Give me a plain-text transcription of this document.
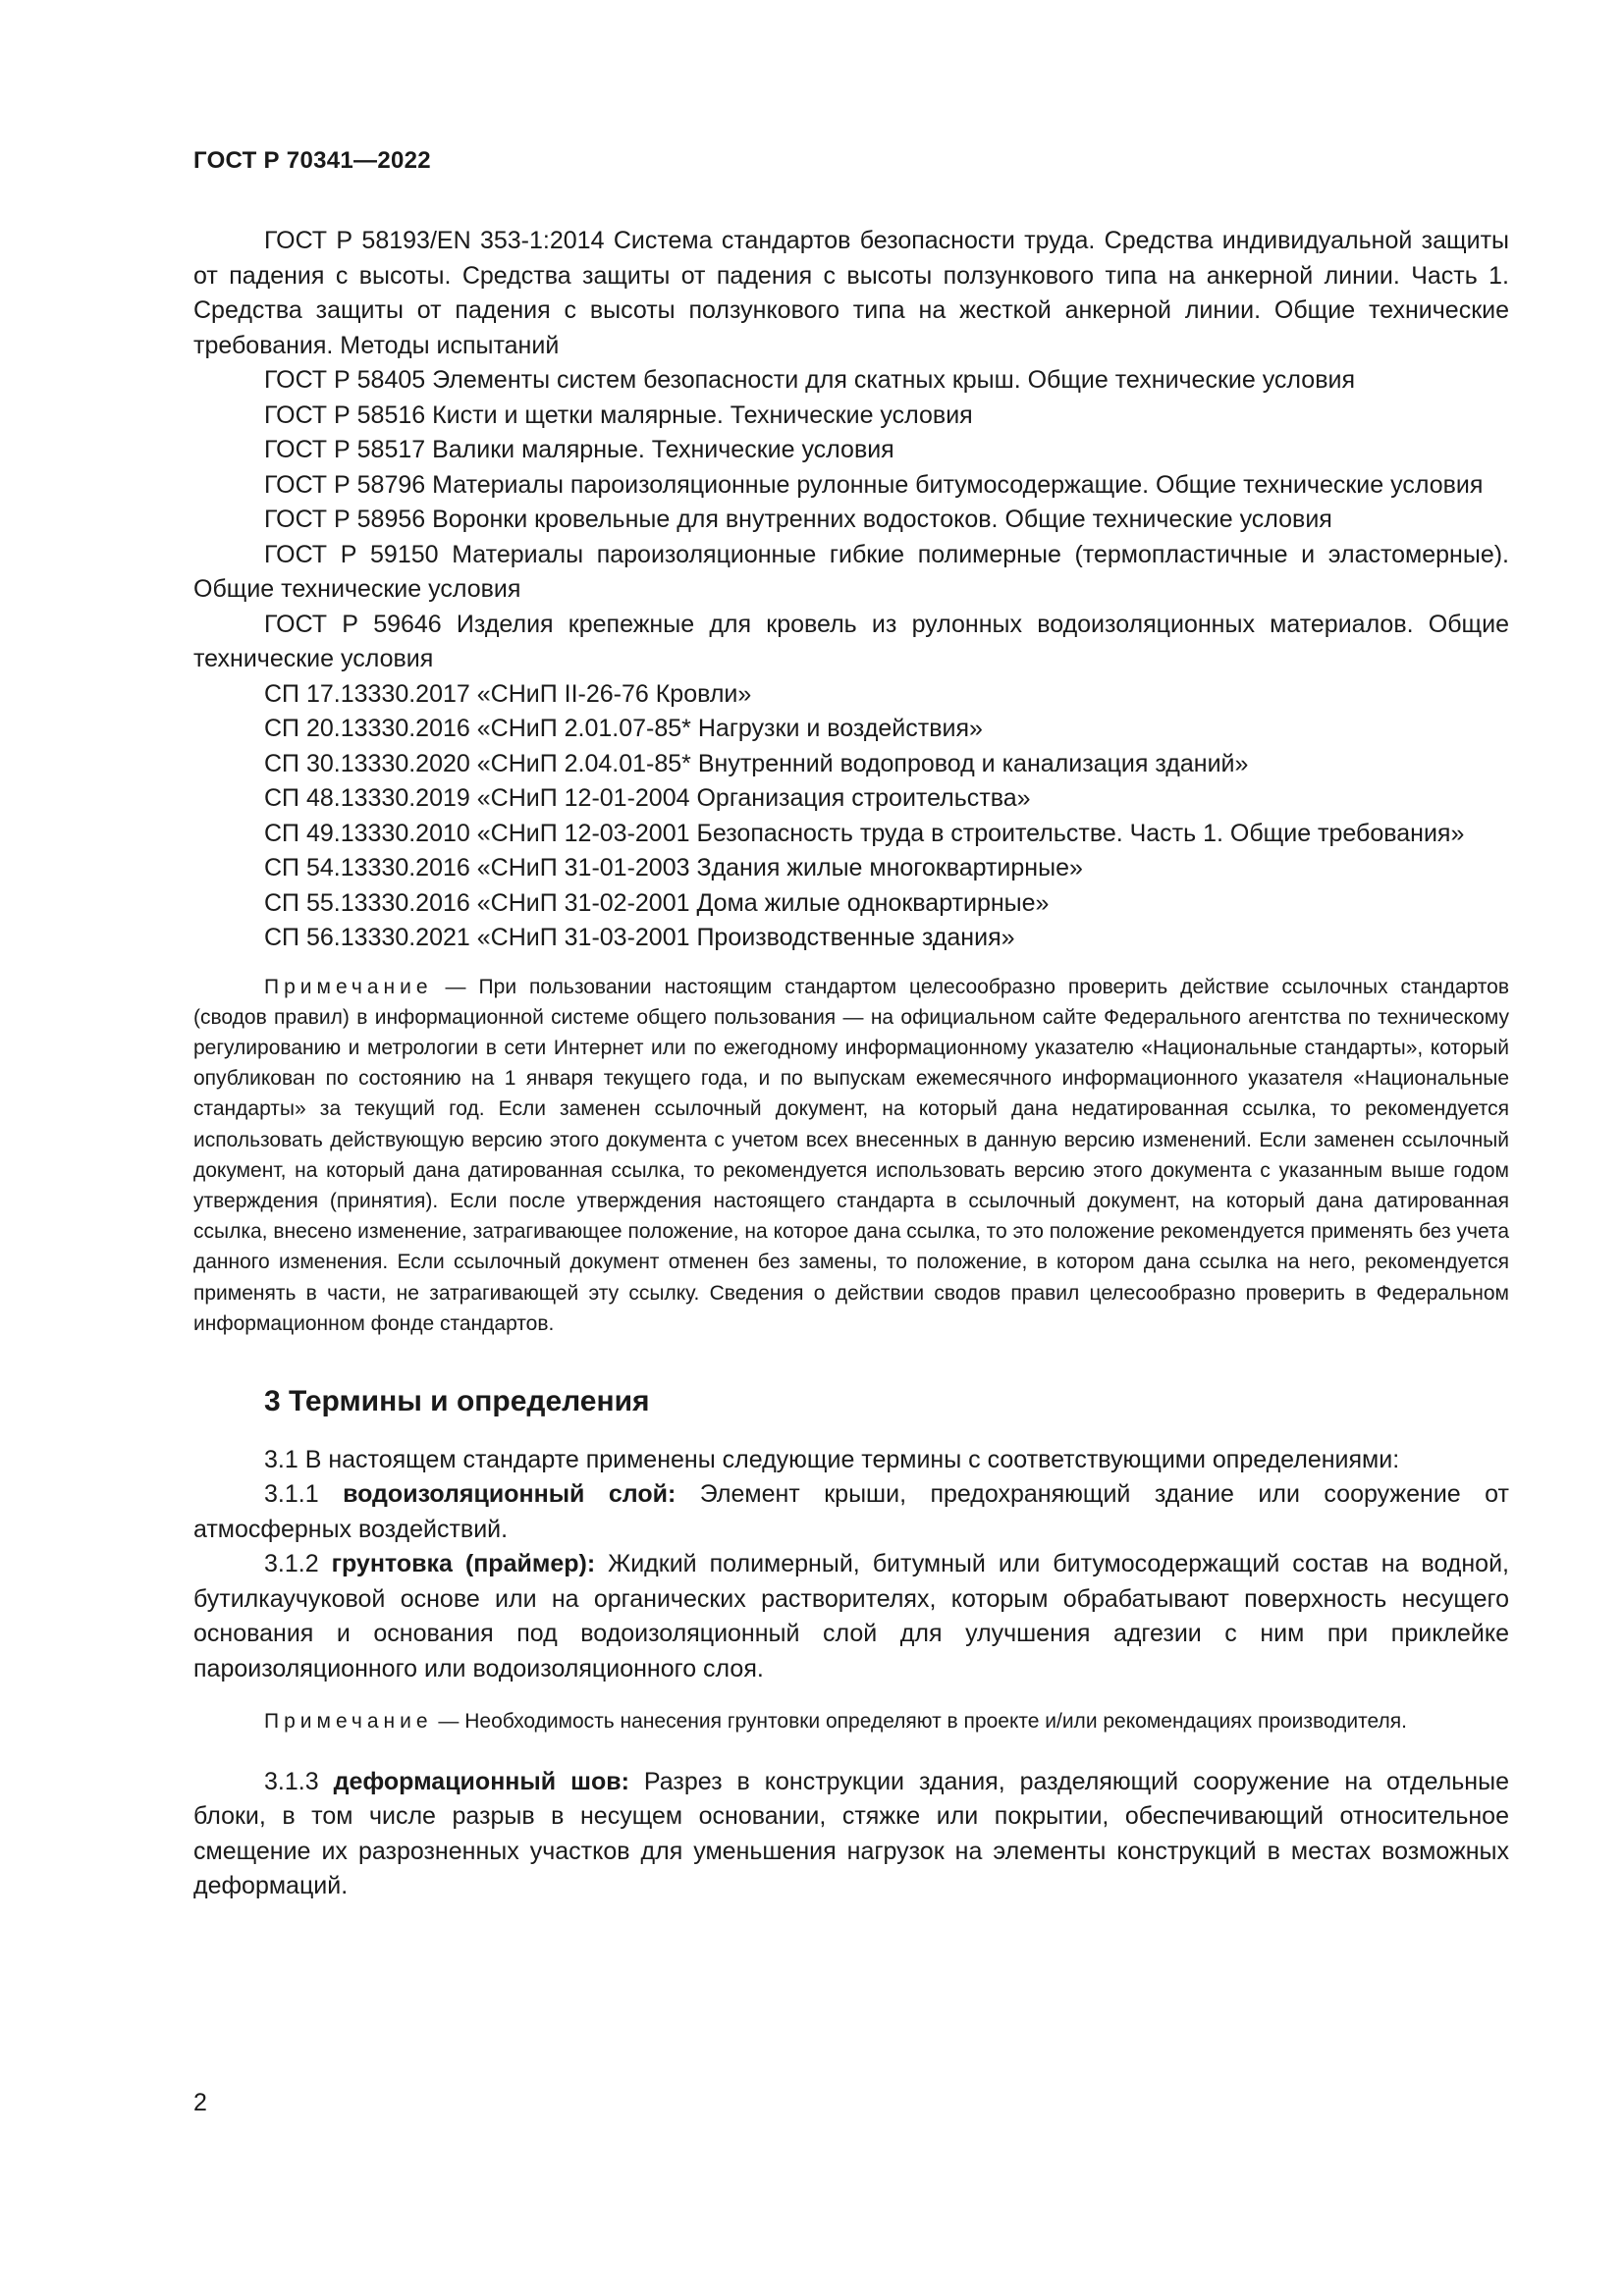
ГОСТ Р 70341—2022

ГОСТ Р 58193/EN 353-1:2014 Система стандартов безопасности труда. Средства индивидуальной защиты от падения с высоты. Средства защиты от падения с высоты ползункового типа на анкерной линии. Часть 1. Средства защиты от падения с высоты ползункового типа на жесткой анкерной линии. Общие технические требования. Методы испытаний

ГОСТ Р 58405 Элементы систем безопасности для скатных крыш. Общие технические условия

ГОСТ Р 58516 Кисти и щетки малярные. Технические условия

ГОСТ Р 58517 Валики малярные. Технические условия

ГОСТ Р 58796 Материалы пароизоляционные рулонные битумосодержащие. Общие технические условия

ГОСТ Р 58956 Воронки кровельные для внутренних водостоков. Общие технические условия

ГОСТ Р 59150 Материалы пароизоляционные гибкие полимерные (термопластичные и эластомерные). Общие технические условия

ГОСТ Р 59646 Изделия крепежные для кровель из рулонных водоизоляционных материалов. Общие технические условия

СП 17.13330.2017 «СНиП II-26-76 Кровли»

СП 20.13330.2016 «СНиП 2.01.07-85* Нагрузки и воздействия»

СП 30.13330.2020 «СНиП 2.04.01-85* Внутренний водопровод и канализация зданий»

СП 48.13330.2019 «СНиП 12-01-2004 Организация строительства»

СП 49.13330.2010 «СНиП 12-03-2001 Безопасность труда в строительстве. Часть 1. Общие требования»

СП 54.13330.2016 «СНиП 31-01-2003 Здания жилые многоквартирные»

СП 55.13330.2016 «СНиП 31-02-2001 Дома жилые одноквартирные»

СП 56.13330.2021 «СНиП 31-03-2001 Производственные здания»

Примечание — При пользовании настоящим стандартом целесообразно проверить действие ссылочных стандартов (сводов правил) в информационной системе общего пользования — на официальном сайте Федерального агентства по техническому регулированию и метрологии в сети Интернет или по ежегодному информационному указателю «Национальные стандарты», который опубликован по состоянию на 1 января текущего года, и по выпускам ежемесячного информационного указателя «Национальные стандарты» за текущий год. Если заменен ссылочный документ, на который дана недатированная ссылка, то рекомендуется использовать действующую версию этого документа с учетом всех внесенных в данную версию изменений. Если заменен ссылочный документ, на который дана датированная ссылка, то рекомендуется использовать версию этого документа с указанным выше годом утверждения (принятия). Если после утверждения настоящего стандарта в ссылочный документ, на который дана датированная ссылка, внесено изменение, затрагивающее положение, на которое дана ссылка, то это положение рекомендуется применять без учета данного изменения. Если ссылочный документ отменен без замены, то положение, в котором дана ссылка на него, рекомендуется применять в части, не затрагивающей эту ссылку. Сведения о действии сводов правил целесообразно проверить в Федеральном информационном фонде стандартов.

3 Термины и определения

3.1 В настоящем стандарте применены следующие термины с соответствующими определениями:

3.1.1 водоизоляционный слой: Элемент крыши, предохраняющий здание или сооружение от атмосферных воздействий.

3.1.2 грунтовка (праймер): Жидкий полимерный, битумный или битумосодержащий состав на водной, бутилкаучуковой основе или на органических растворителях, которым обрабатывают поверхность несущего основания и основания под водоизоляционный слой для улучшения адгезии с ним при приклейке пароизоляционного или водоизоляционного слоя.

Примечание — Необходимость нанесения грунтовки определяют в проекте и/или рекомендациях производителя.

3.1.3 деформационный шов: Разрез в конструкции здания, разделяющий сооружение на отдельные блоки, в том числе разрыв в несущем основании, стяжке или покрытии, обеспечивающий относительное смещение их разрозненных участков для уменьшения нагрузок на элементы конструкций в местах возможных деформаций.

2
